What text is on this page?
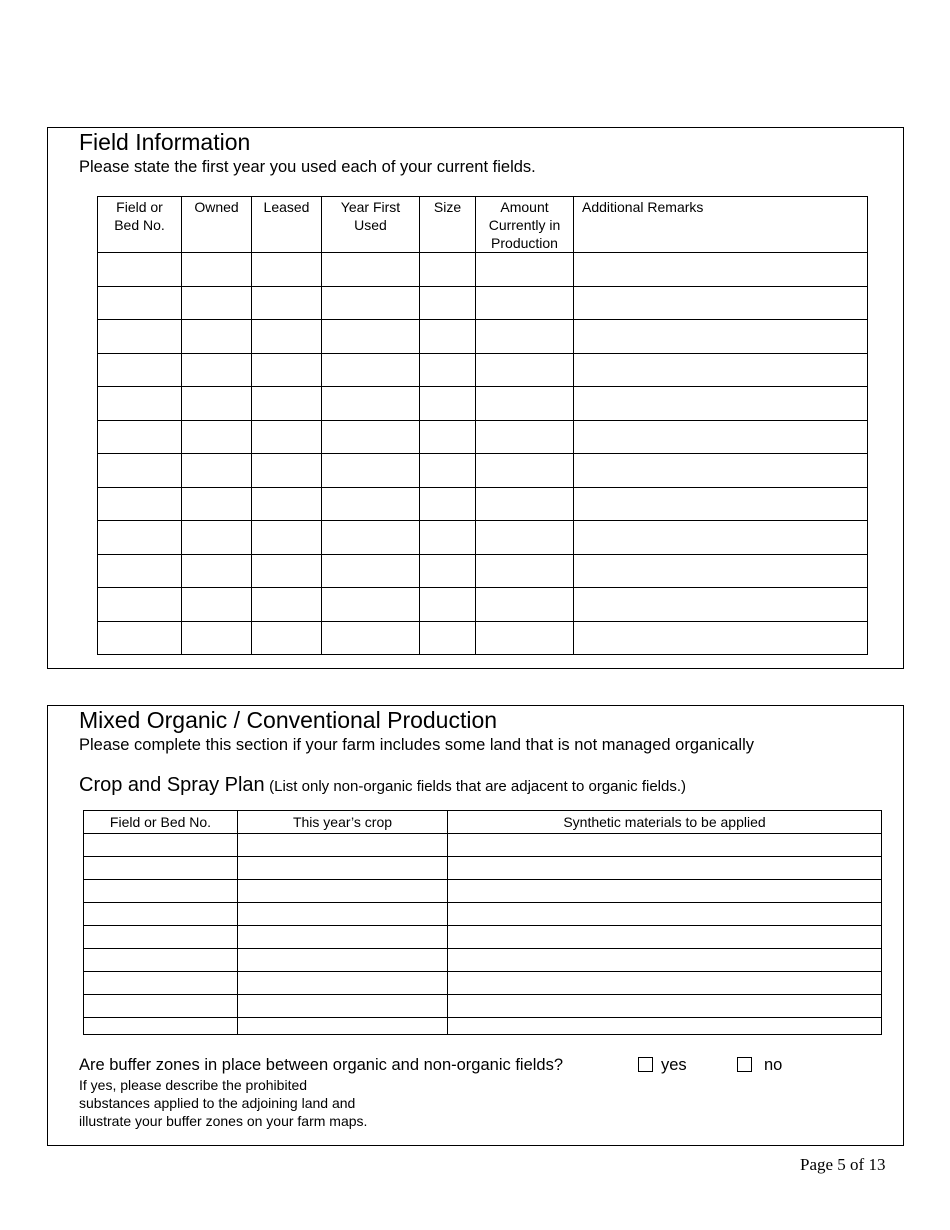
Field Information
Please state the first year you used each of your current fields.
Field or Bed No.	Owned	Leased	Year First Used	Size	Amount Currently in Production	Additional Remarks

Mixed Organic / Conventional Production
Please complete this section if your farm includes some land that is not managed organically
Crop and Spray Plan (List only non-organic fields that are adjacent to organic fields.)
Field or Bed No.	This year’s crop	Synthetic materials to be applied

Are buffer zones in place between organic and non-organic fields?	yes	no
If yes, please describe the prohibited substances applied to the adjoining land and illustrate your buffer zones on your farm maps.
Page 5 of 13
